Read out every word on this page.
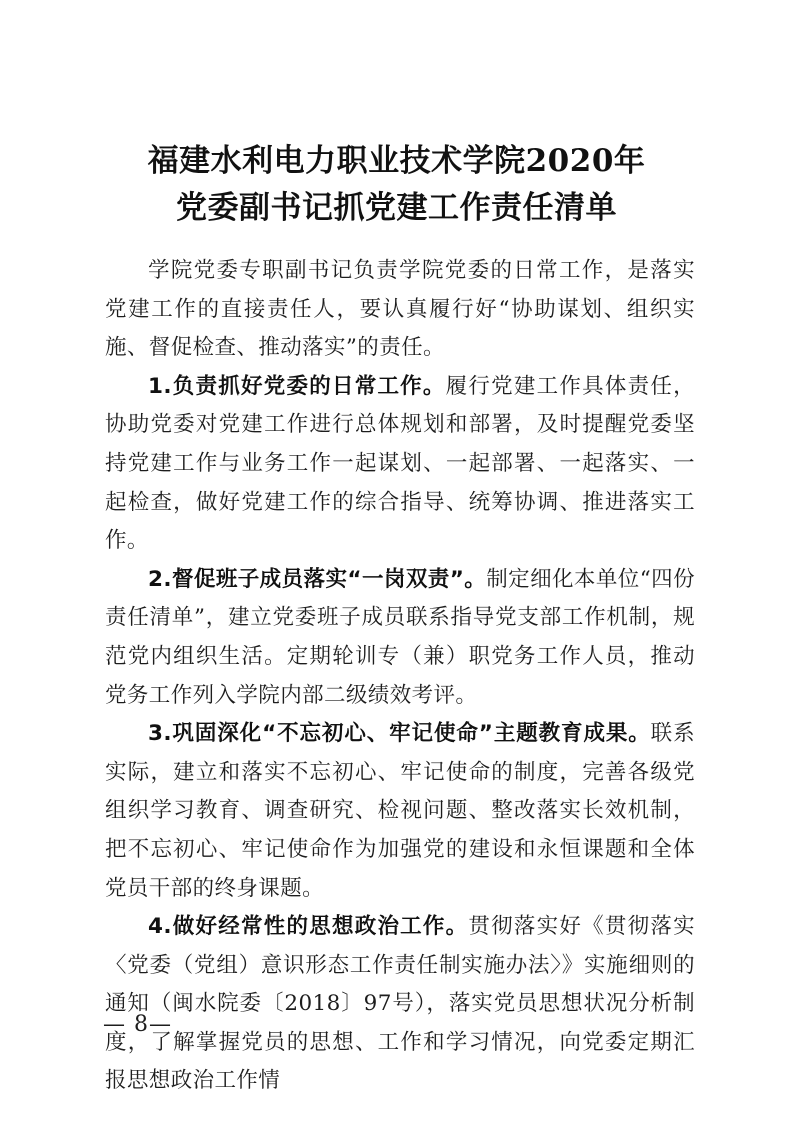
福建水利电力职业技术学院2020年
党委副书记抓党建工作责任清单

学院党委专职副书记负责学院党委的日常工作，是落实党建工作的直接责任人，要认真履行好“协助谋划、组织实施、督促检查、推动落实”的责任。

1.负责抓好党委的日常工作。履行党建工作具体责任，协助党委对党建工作进行总体规划和部署，及时提醒党委坚持党建工作与业务工作一起谋划、一起部署、一起落实、一起检查，做好党建工作的综合指导、统筹协调、推进落实工作。

2.督促班子成员落实“一岗双责”。制定细化本单位“四份责任清单”，建立党委班子成员联系指导党支部工作机制，规范党内组织生活。定期轮训专（兼）职党务工作人员，推动党务工作列入学院内部二级绩效考评。

3.巩固深化“不忘初心、牢记使命”主题教育成果。联系实际，建立和落实不忘初心、牢记使命的制度，完善各级党组织学习教育、调查研究、检视问题、整改落实长效机制，把不忘初心、牢记使命作为加强党的建设和永恒课题和全体党员干部的终身课题。

4.做好经常性的思想政治工作。贯彻落实好《贯彻落实〈党委（党组）意识形态工作责任制实施办法〉》实施细则的通知（闽水院委〔2018〕97号），落实党员思想状况分析制度，了解掌握党员的思想、工作和学习情况，向党委定期汇报思想政治工作情

— 8—
